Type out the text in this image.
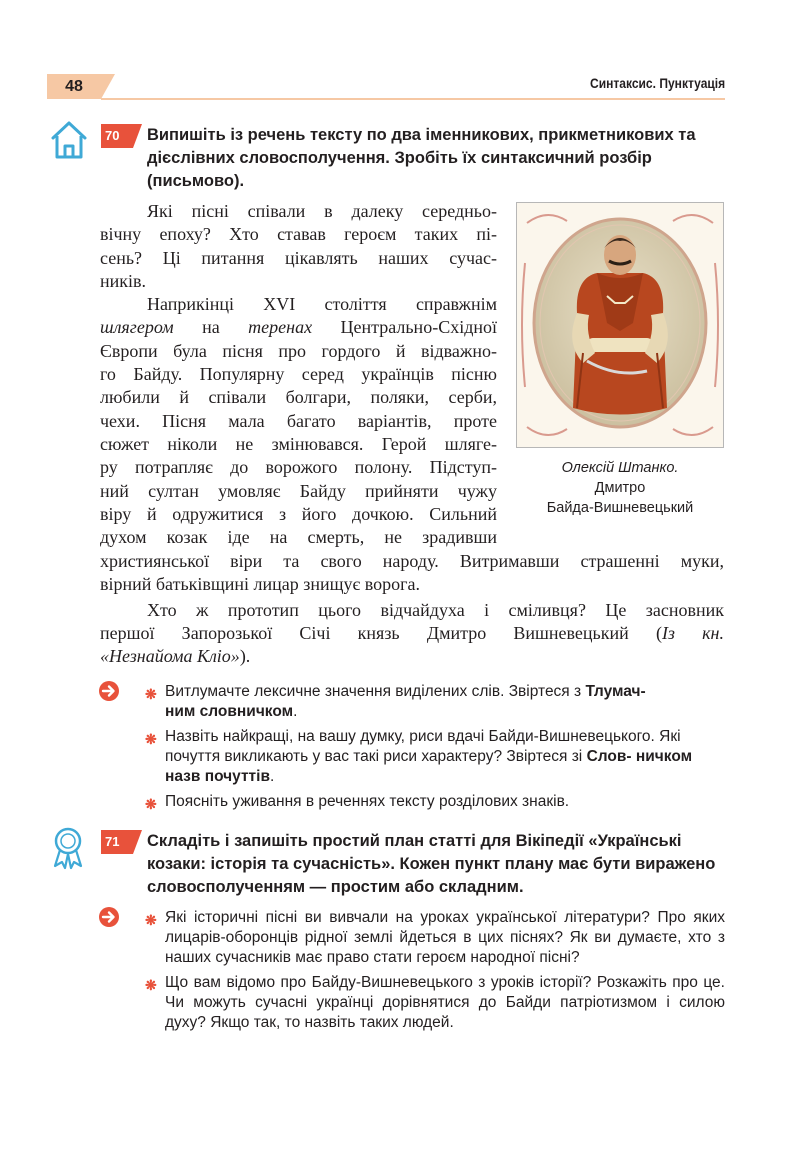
48	Синтаксис. Пунктуація
70	Випишіть із речень тексту по два іменникових, прикметникових та дієслівних словосполучення. Зробіть їх синтаксичний розбір (письмово).
Олексій Штанко.
Дмитро
Байда-Вишневецький
Які пісні співали в далеку середньо-
вічну епоху? Хто ставав героєм таких пі-
сень? Ці питання цікавлять наших сучас-
ників.
Наприкінці XVI століття справжнім
шлягером на теренах Центрально-Східної
Європи була пісня про гордого й відважно-
го Байду. Популярну серед українців пісню
любили й співали болгари, поляки, серби,
чехи. Пісня мала багато варіантів, проте
сюжет ніколи не змінювався. Герой шляге-
ру потрапляє до ворожого полону. Підступ-
ний султан умовляє Байду прийняти чужу
віру й одружитися з його дочкою. Сильний
духом козак іде на смерть, не зрадивши
християнської віри та свого народу. Витримавши страшенні муки,
вірний батьківщині лицар знищує ворога.
Хто ж прототип цього відчайдуха і сміливця? Це засновник
першої Запорозької Січі князь Дмитро Вишневецький (Із кн.
«Незнайома Кліо»).
❋ Витлумачте лексичне значення виділених слів. Звіртеся з Тлумач-
ним словничком.
❋ Назвіть найкращі, на вашу думку, риси вдачі Байди-Вишневецького. Які почуття викликають у вас такі риси характеру? Звіртеся зі Слов- ничком назв почуттів.
❋ Поясніть уживання в реченнях тексту розділових знаків.
71	Складіть і запишіть простий план статті для Вікіпедії «Українські козаки: історія та сучасність». Кожен пункт плану має бути виражено словосполученням — простим або складним.
❋ Які історичні пісні ви вивчали на уроках української літератури? Про яких лицарів-оборонців рідної землі йдеться в цих піснях? Як ви думаєте, хто з наших сучасників має право стати героєм народної пісні?
❋ Що вам відомо про Байду-Вишневецького з уроків історії? Розкажіть про це. Чи можуть сучасні українці дорівнятися до Байди патріотизмом і силою духу? Якщо так, то назвіть таких людей.
